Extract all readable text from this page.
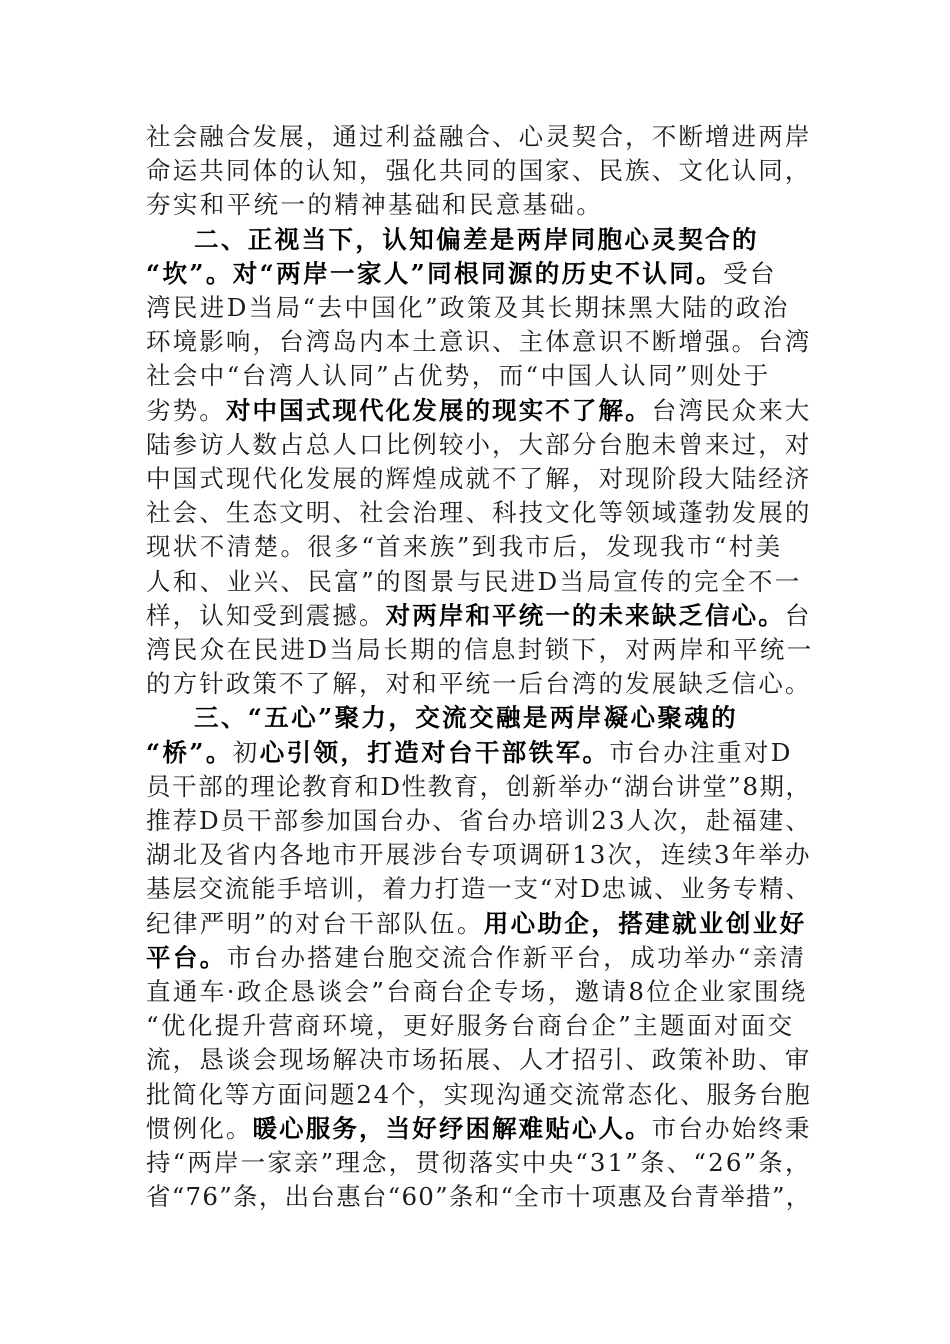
社会融合发展，通过利益融合、心灵契合，不断增进两岸
命运共同体的认知，强化共同的国家、民族、文化认同，
夯实和平统一的精神基础和民意基础。
二、正视当下，认知偏差是两岸同胞心灵契合的
“坎”。对“两岸一家人”同根同源的历史不认同。受台
湾民进D当局“去中国化”政策及其长期抹黑大陆的政治
环境影响，台湾岛内本土意识、主体意识不断增强。台湾
社会中“台湾人认同”占优势，而“中国人认同”则处于
劣势。对中国式现代化发展的现实不了解。台湾民众来大
陆参访人数占总人口比例较小，大部分台胞未曾来过，对
中国式现代化发展的辉煌成就不了解，对现阶段大陆经济
社会、生态文明、社会治理、科技文化等领域蓬勃发展的
现状不清楚。很多“首来族”到我市后，发现我市“村美
人和、业兴、民富”的图景与民进D当局宣传的完全不一
样，认知受到震撼。对两岸和平统一的未来缺乏信心。台
湾民众在民进D当局长期的信息封锁下，对两岸和平统一
的方针政策不了解，对和平统一后台湾的发展缺乏信心。
三、“五心”聚力，交流交融是两岸凝心聚魂的
“桥”。初心引领，打造对台干部铁军。市台办注重对D
员干部的理论教育和D性教育，创新举办“湖台讲堂”8期，
推荐D员干部参加国台办、省台办培训23人次，赴福建、
湖北及省内各地市开展涉台专项调研13次，连续3年举办
基层交流能手培训，着力打造一支“对D忠诚、业务专精、
纪律严明”的对台干部队伍。用心助企，搭建就业创业好
平台。市台办搭建台胞交流合作新平台，成功举办“亲清
直通车·政企恳谈会”台商台企专场，邀请8位企业家围绕
“优化提升营商环境，更好服务台商台企”主题面对面交
流，恳谈会现场解决市场拓展、人才招引、政策补助、审
批简化等方面问题24个，实现沟通交流常态化、服务台胞
惯例化。暖心服务，当好纾困解难贴心人。市台办始终秉
持“两岸一家亲”理念，贯彻落实中央“31”条、“26”条，
省“76”条，出台惠台“60”条和“全市十项惠及台青举措”，
